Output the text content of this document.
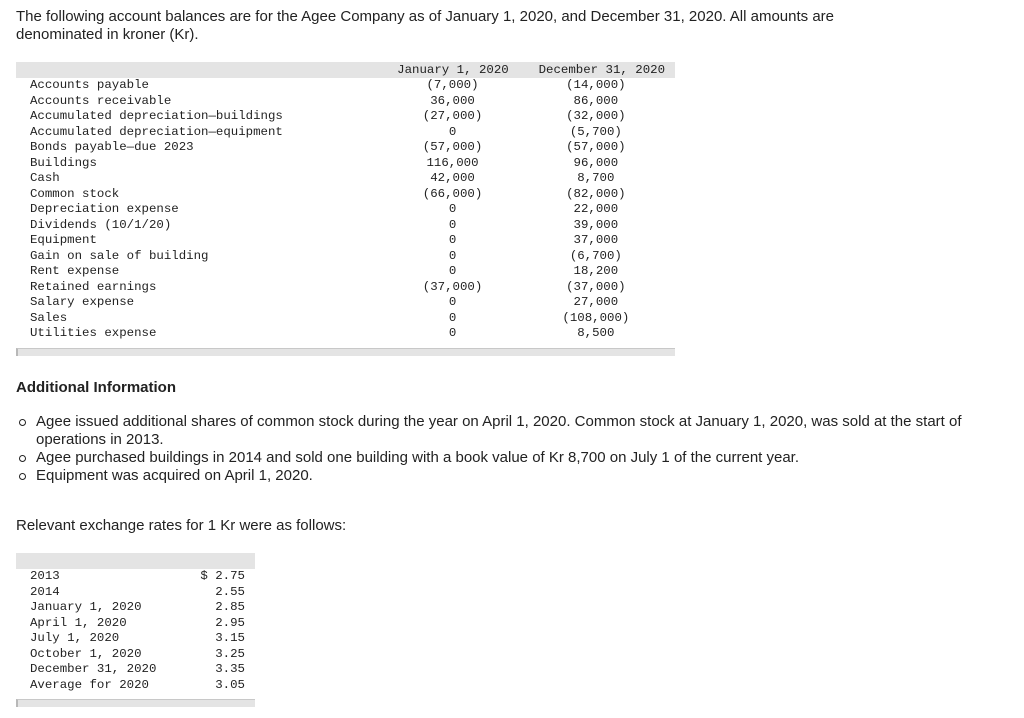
The following account balances are for the Agee Company as of January 1, 2020, and December 31, 2020. All amounts are denominated in kroner (Kr).

	January 1, 2020	December 31, 2020
Accounts payable	(7,000)	(14,000)
Accounts receivable	36,000	86,000
Accumulated depreciation—buildings	(27,000)	(32,000)
Accumulated depreciation—equipment	0	(5,700)
Bonds payable—due 2023	(57,000)	(57,000)
Buildings	116,000	96,000
Cash	42,000	8,700
Common stock	(66,000)	(82,000)
Depreciation expense	0	22,000
Dividends (10/1/20)	0	39,000
Equipment	0	37,000
Gain on sale of building	0	(6,700)
Rent expense	0	18,200
Retained earnings	(37,000)	(37,000)
Salary expense	0	27,000
Sales	0	(108,000)
Utilities expense	0	8,500
Additional Information
Agee issued additional shares of common stock during the year on April 1, 2020. Common stock at January 1, 2020, was sold at the start of operations in 2013.
Agee purchased buildings in 2014 and sold one building with a book value of Kr 8,700 on July 1 of the current year.
Equipment was acquired on April 1, 2020.

Relevant exchange rates for 1 Kr were as follows:

2013	$ 2.75
2014	2.55
January 1, 2020	2.85
April 1, 2020	2.95
July 1, 2020	3.15
October 1, 2020	3.25
December 31, 2020	3.35
Average for 2020	3.05
